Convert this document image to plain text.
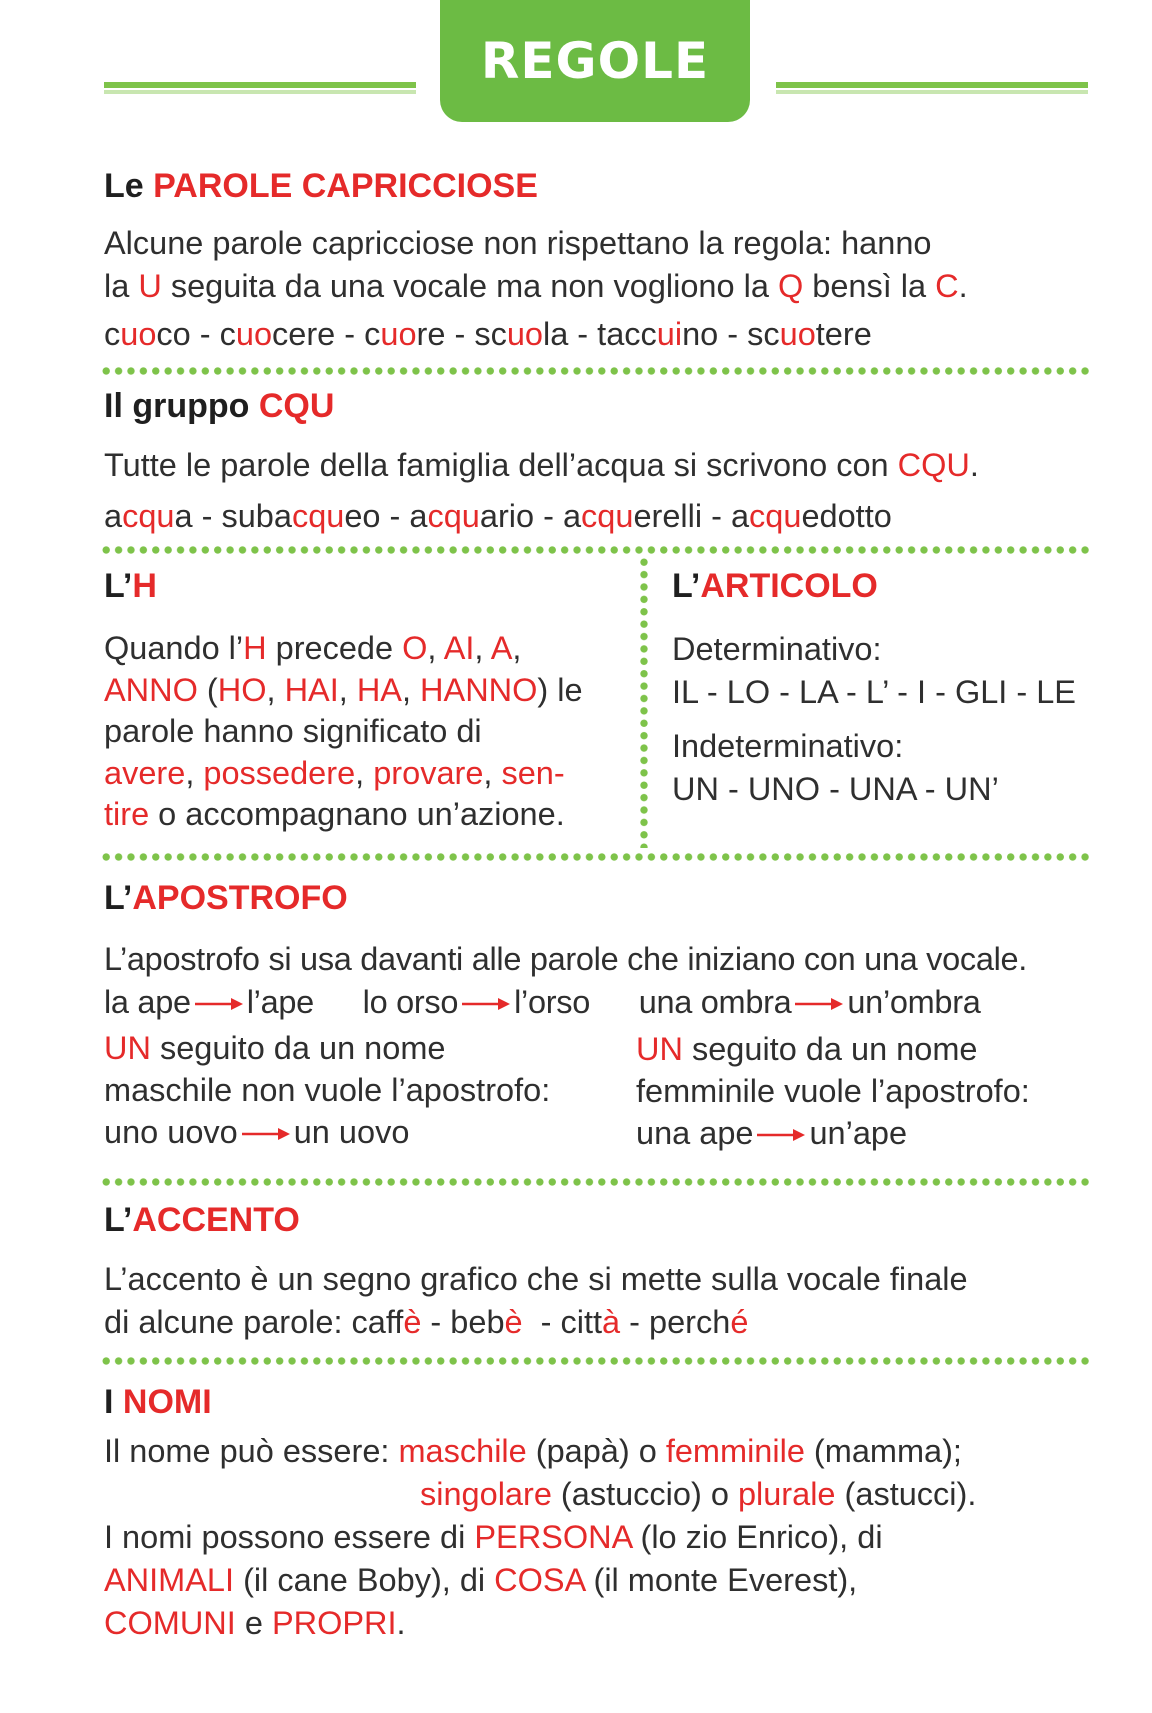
REGOLE
Le PAROLE CAPRICCIOSE
Alcune parole capricciose non rispettano la regola: hanno
la U seguita da una vocale ma non vogliono la Q bensì la C.
cuoco - cuocere - cuore - scuola - taccuino - scuotere
Il gruppo CQU
Tutte le parole della famiglia dell’acqua si scrivono con CQU.
acqua - subacqueo - acquario - acquerelli - acquedotto
L’H
Quando l’H precede O, AI, A,
ANNO (HO, HAI, HA, HANNO) le
parole hanno significato di
avere, possedere, provare, sen-
tire o accompagnano un’azione.
L’ARTICOLO
Determinativo:
IL - LO - LA - L’ - I - GLI - LE
Indeterminativo:
UN - UNO - UNA - UN’
L’APOSTROFO
L’apostrofo si usa davanti alle parole che iniziano con una vocale.
la ape l’ape lo orso l’orso una ombra un’ombra
UN seguito da un nome
maschile non vuole l’apostrofo:
uno uovo un uovo
UN seguito da un nome
femminile vuole l’apostrofo:
una ape un’ape
L’ACCENTO
L’accento è un segno grafico che si mette sulla vocale finale
di alcune parole: caffè - bebè  - città - perché
I NOMI
Il nome può essere: maschile (papà) o femminile (mamma);
singolare (astuccio) o plurale (astucci).
I nomi possono essere di PERSONA (lo zio Enrico), di
ANIMALI (il cane Boby), di COSA (il monte Everest),
COMUNI e PROPRI.
